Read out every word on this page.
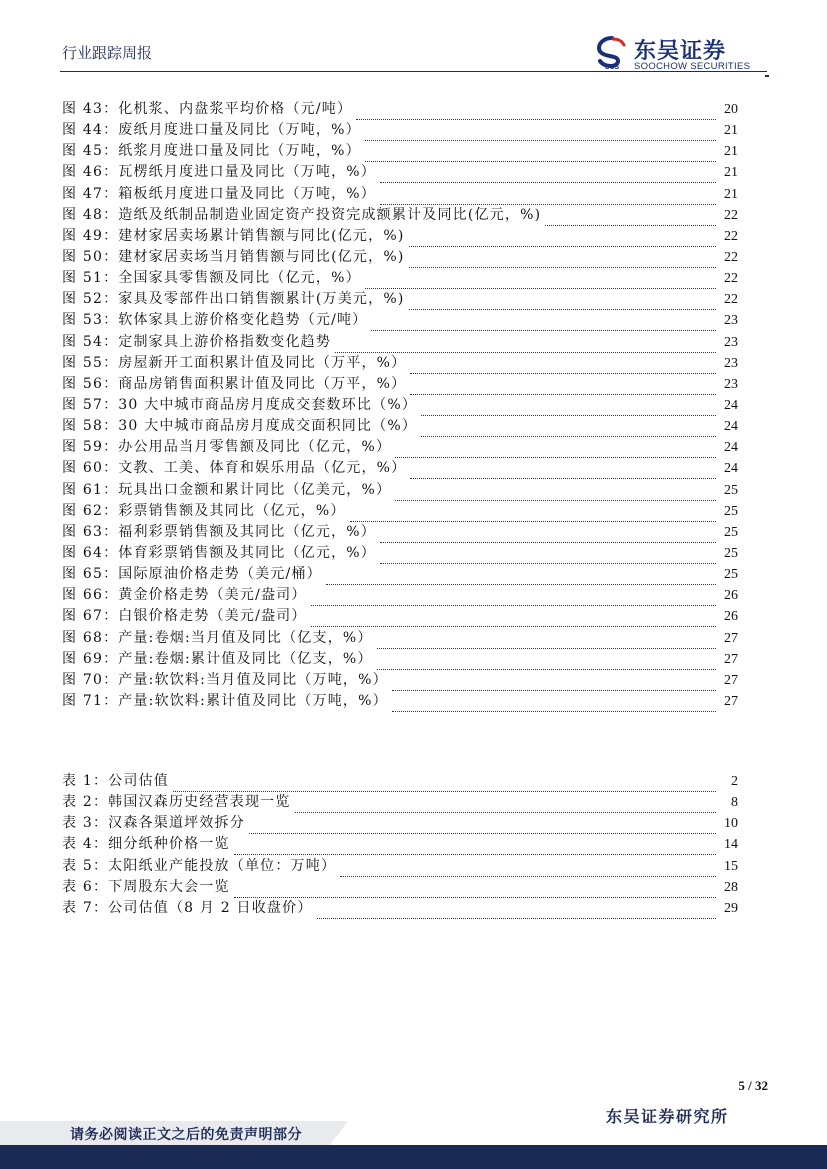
行业跟踪周报
SCS
东吴证券
SOOCHOW SECURITIES
图 43：化机浆、内盘浆平均价格（元/吨）	20
图 44：废纸月度进口量及同比（万吨，%）	21
图 45：纸浆月度进口量及同比（万吨，%）	21
图 46：瓦楞纸月度进口量及同比（万吨，%）	21
图 47：箱板纸月度进口量及同比（万吨，%）	21
图 48：造纸及纸制品制造业固定资产投资完成额累计及同比(亿元，%)	22
图 49：建材家居卖场累计销售额与同比(亿元，%)	22
图 50：建材家居卖场当月销售额与同比(亿元，%)	22
图 51：全国家具零售额及同比（亿元，%）	22
图 52：家具及零部件出口销售额累计(万美元，%)	22
图 53：软体家具上游价格变化趋势（元/吨）	23
图 54：定制家具上游价格指数变化趋势	23
图 55：房屋新开工面积累计值及同比（万平，%）	23
图 56：商品房销售面积累计值及同比（万平，%）	23
图 57：30 大中城市商品房月度成交套数环比（%）	24
图 58：30 大中城市商品房月度成交面积同比（%）	24
图 59：办公用品当月零售额及同比（亿元，%）	24
图 60：文教、工美、体育和娱乐用品（亿元，%）	24
图 61：玩具出口金额和累计同比（亿美元，%）	25
图 62：彩票销售额及其同比（亿元，%）	25
图 63：福利彩票销售额及其同比（亿元，%）	25
图 64：体育彩票销售额及其同比（亿元，%）	25
图 65：国际原油价格走势（美元/桶）	25
图 66：黄金价格走势（美元/盎司）	26
图 67：白银价格走势（美元/盎司）	26
图 68：产量:卷烟:当月值及同比（亿支，%）	27
图 69：产量:卷烟:累计值及同比（亿支，%）	27
图 70：产量:软饮料:当月值及同比（万吨，%）	27
图 71：产量:软饮料:累计值及同比（万吨，%）	27
表 1：公司估值	2
表 2：韩国汉森历史经营表现一览	8
表 3：汉森各渠道坪效拆分	10
表 4：细分纸种价格一览	14
表 5：太阳纸业产能投放（单位：万吨）	15
表 6：下周股东大会一览	28
表 7：公司估值（8 月 2 日收盘价）	29
5 / 32
东吴证券研究所
请务必阅读正文之后的免责声明部分
